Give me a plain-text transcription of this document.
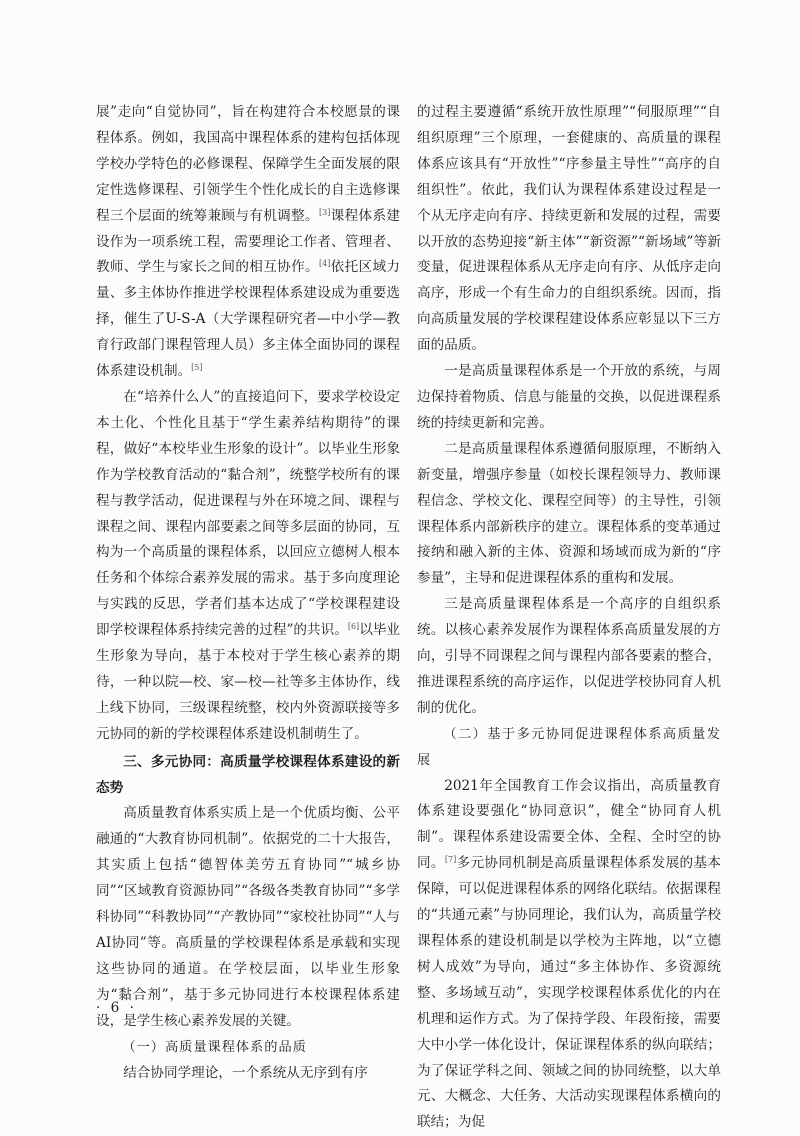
展”走向“自觉协同”，旨在构建符合本校愿景的课程体系。例如，我国高中课程体系的建构包括体现学校办学特色的必修课程、保障学生全面发展的限定性选修课程、引领学生个性化成长的自主选修课程三个层面的统筹兼顾与有机调整。[3]课程体系建设作为一项系统工程，需要理论工作者、管理者、教师、学生与家长之间的相互协作。[4]依托区域力量、多主体协作推进学校课程体系建设成为重要选择，催生了U-S-A（大学课程研究者—中小学—教育行政部门课程管理人员）多主体全面协同的课程体系建设机制。[5]

在“培养什么人”的直接追问下，要求学校设定本土化、个性化且基于“学生素养结构期待”的课程，做好“本校毕业生形象的设计”。以毕业生形象作为学校教育活动的“黏合剂”，统整学校所有的课程与教学活动，促进课程与外在环境之间、课程与课程之间、课程内部要素之间等多层面的协同，互构为一个高质量的课程体系，以回应立德树人根本任务和个体综合素养发展的需求。基于多向度理论与实践的反思，学者们基本达成了“学校课程建设即学校课程体系持续完善的过程”的共识。[6]以毕业生形象为导向，基于本校对于学生核心素养的期待，一种以院—校、家—校—社等多主体协作，线上线下协同，三级课程统整，校内外资源联接等多元协同的新的学校课程体系建设机制萌生了。

三、多元协同：高质量学校课程体系建设的新态势

高质量教育体系实质上是一个优质均衡、公平融通的“大教育协同机制”。依据党的二十大报告，其实质上包括“德智体美劳五育协同”“城乡协同”“区域教育资源协同”“各级各类教育协同”“多学科协同”“科教协同”“产教协同”“家校社协同”“人与AI协同”等。高质量的学校课程体系是承载和实现这些协同的通道。在学校层面，以毕业生形象为“黏合剂”，基于多元协同进行本校课程体系建设，是学生核心素养发展的关键。

（一）高质量课程体系的品质

结合协同学理论，一个系统从无序到有序

的过程主要遵循“系统开放性原理”“伺服原理”“自组织原理”三个原理，一套健康的、高质量的课程体系应该具有“开放性”“序参量主导性”“高序的自组织性”。依此，我们认为课程体系建设过程是一个从无序走向有序、持续更新和发展的过程，需要以开放的态势迎接“新主体”“新资源”“新场域”等新变量，促进课程体系从无序走向有序、从低序走向高序，形成一个有生命力的自组织系统。因而，指向高质量发展的学校课程建设体系应彰显以下三方面的品质。

一是高质量课程体系是一个开放的系统，与周边保持着物质、信息与能量的交换，以促进课程系统的持续更新和完善。

二是高质量课程体系遵循伺服原理，不断纳入新变量，增强序参量（如校长课程领导力、教师课程信念、学校文化、课程空间等）的主导性，引领课程体系内部新秩序的建立。课程体系的变革通过接纳和融入新的主体、资源和场域而成为新的“序参量”，主导和促进课程体系的重构和发展。

三是高质量课程体系是一个高序的自组织系统。以核心素养发展作为课程体系高质量发展的方向，引导不同课程之间与课程内部各要素的整合，推进课程系统的高序运作，以促进学校协同育人机制的优化。

（二）基于多元协同促进课程体系高质量发展

2021年全国教育工作会议指出，高质量教育体系建设要强化“协同意识”，健全“协同育人机制”。课程体系建设需要全体、全程、全时空的协同。[7]多元协同机制是高质量课程体系发展的基本保障，可以促进课程体系的网络化联结。依据课程的“共通元素”与协同理论，我们认为，高质量学校课程体系的建设机制是以学校为主阵地，以“立德树人成效”为导向，通过“多主体协作、多资源统整、多场域互动”，实现学校课程体系优化的内在机理和运作方式。为了保持学段、年段衔接，需要大中小学一体化设计，保证课程体系的纵向联结；为了保证学科之间、领域之间的协同统整，以大单元、大概念、大任务、大活动实现课程体系横向的联结；为促

· 6 ·
